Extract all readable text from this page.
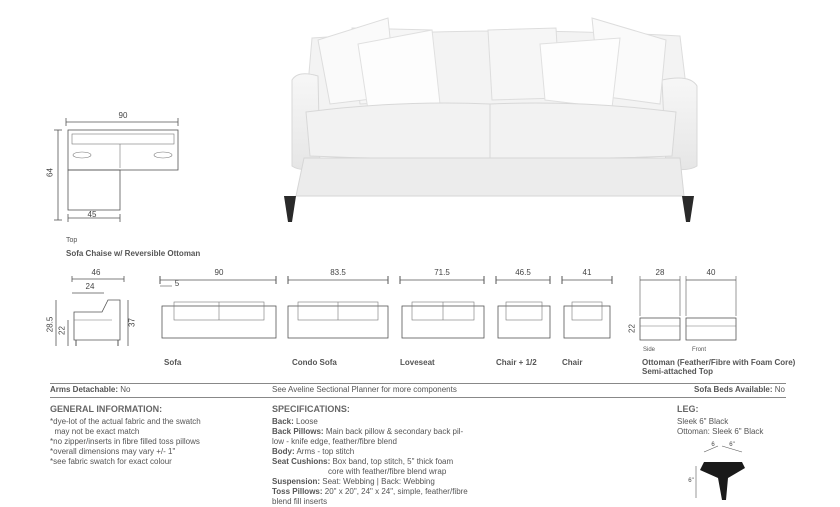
90
64
45
Top
Sofa Chaise w/ Reversible Ottoman
46
24
28.5 22
37
90
5
Sofa
83.5
Condo Sofa
71.5
Loveseat
46.5
Chair + 1/2
41
Chair
28	40
22
Side	Front
Ottoman (Feather/Fibre with Foam Core)
Semi-attached Top
Arms Detachable: No	See Aveline Sectional Planner for more components	Sofa Beds Available: No
GENERAL INFORMATION:
*dye-lot of the actual fabric and the swatch
may not be exact match
*no zipper/inserts in fibre filled toss pillows
*overall dimensions may vary +/- 1"
*see fabric swatch for exact colour
SPECIFICATIONS:
Back: Loose
Back Pillows: Main back pillow & secondary back pil-
low - knife edge, feather/fibre blend
Body: Arms - top stitch
Seat Cushions: Box band, top stitch, 5" thick foam
core with feather/fibre blend wrap
Suspension: Seat: Webbing | Back: Webbing
Toss Pillows: 20" x 20", 24" x 24", simple, feather/fibre
blend fill inserts
LEG:
Sleek 6" Black
Ottoman: Sleek 6" Black
6	6"
6"
